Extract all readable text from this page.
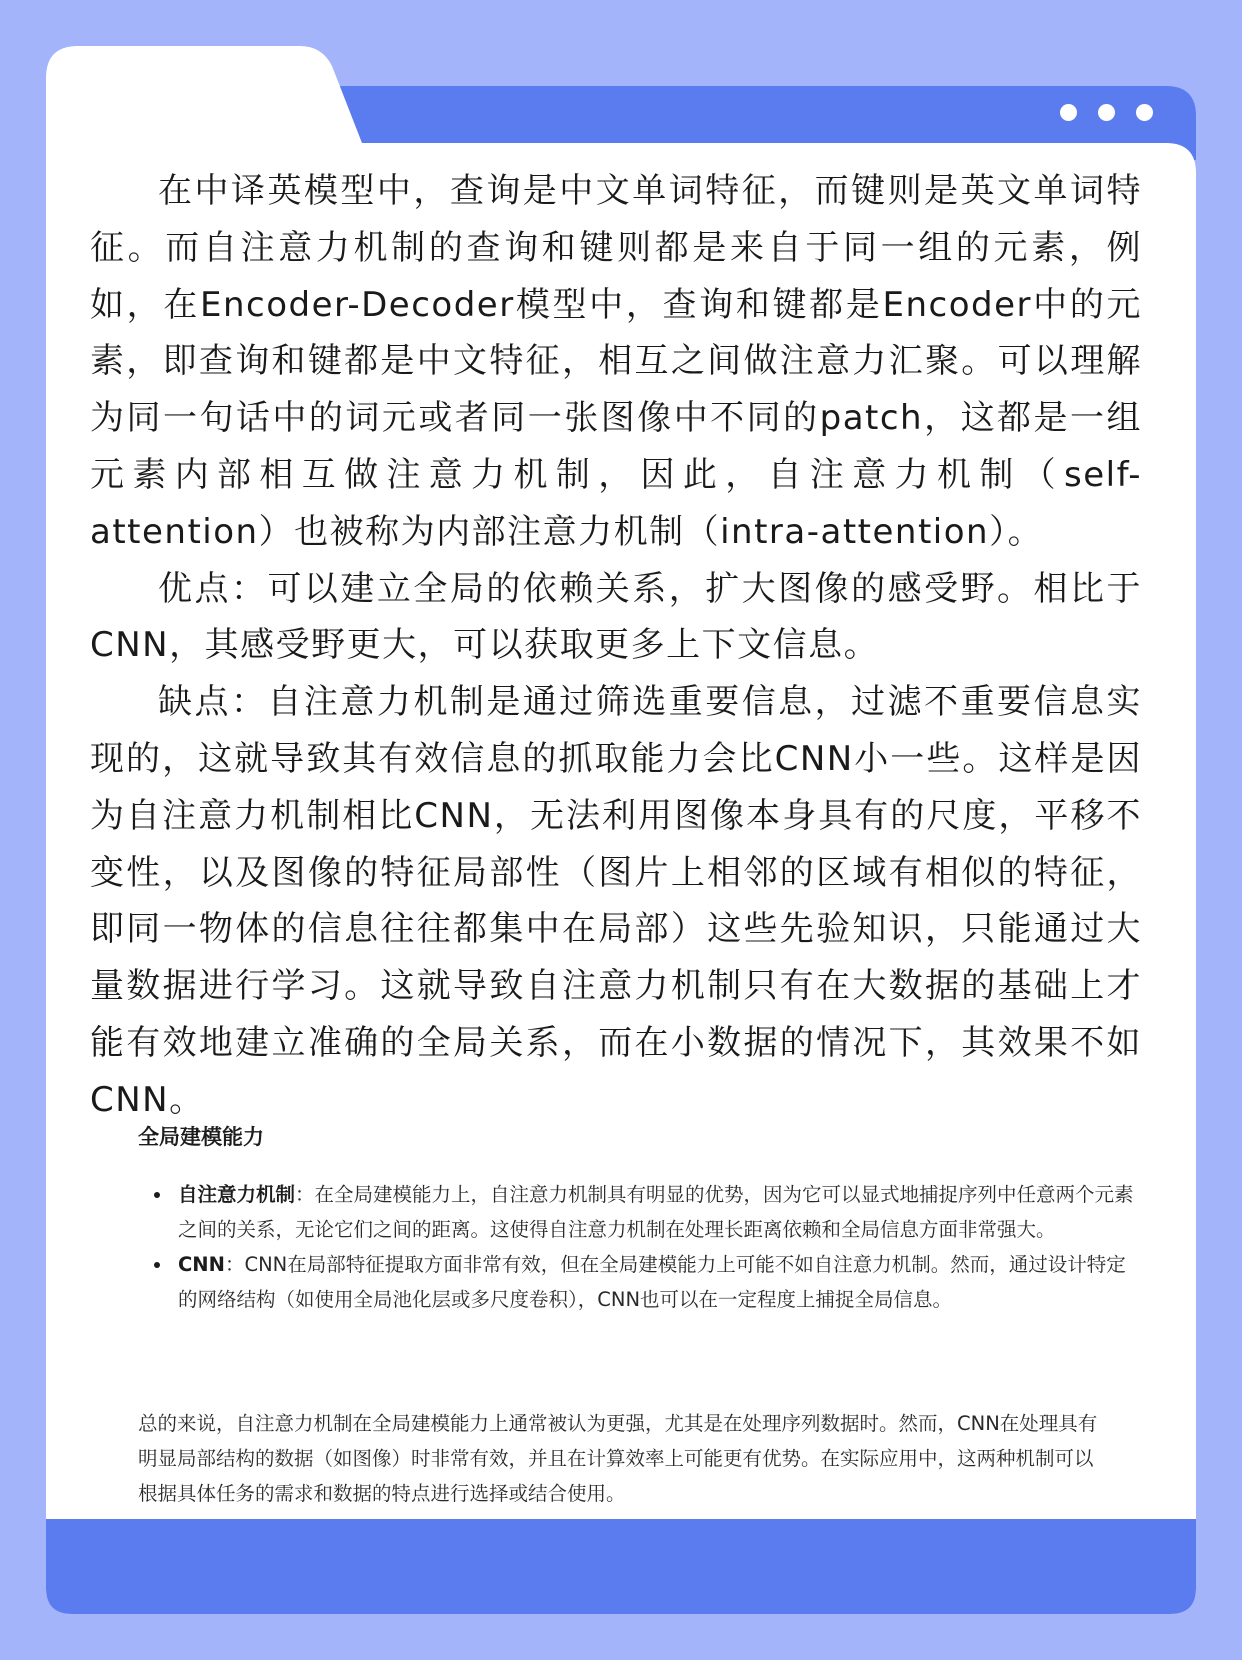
在中译英模型中，查询是中文单词特征，而键则是英文单词特征。而自注意力机制的查询和键则都是来自于同一组的元素，例如，在Encoder-Decoder模型中，查询和键都是Encoder中的元素，即查询和键都是中文特征，相互之间做注意力汇聚。可以理解为同一句话中的词元或者同一张图像中不同的patch，这都是一组元素内部相互做注意力机制，因此，自注意力机制（self-attention）也被称为内部注意力机制（intra-attention）。

优点：可以建立全局的依赖关系，扩大图像的感受野。相比于CNN，其感受野更大，可以获取更多上下文信息。

缺点：自注意力机制是通过筛选重要信息，过滤不重要信息实现的，这就导致其有效信息的抓取能力会比CNN小一些。这样是因为自注意力机制相比CNN，无法利用图像本身具有的尺度，平移不变性，以及图像的特征局部性（图片上相邻的区域有相似的特征，即同一物体的信息往往都集中在局部）这些先验知识，只能通过大量数据进行学习。这就导致自注意力机制只有在大数据的基础上才能有效地建立准确的全局关系，而在小数据的情况下，其效果不如CNN。

全局建模能力
自注意力机制：在全局建模能力上，自注意力机制具有明显的优势，因为它可以显式地捕捉序列中任意两个元素之间的关系，无论它们之间的距离。这使得自注意力机制在处理长距离依赖和全局信息方面非常强大。
CNN：CNN在局部特征提取方面非常有效，但在全局建模能力上可能不如自注意力机制。然而，通过设计特定的网络结构（如使用全局池化层或多尺度卷积），CNN也可以在一定程度上捕捉全局信息。

总的来说，自注意力机制在全局建模能力上通常被认为更强，尤其是在处理序列数据时。然而，CNN在处理具有明显局部结构的数据（如图像）时非常有效，并且在计算效率上可能更有优势。在实际应用中，这两种机制可以根据具体任务的需求和数据的特点进行选择或结合使用。
